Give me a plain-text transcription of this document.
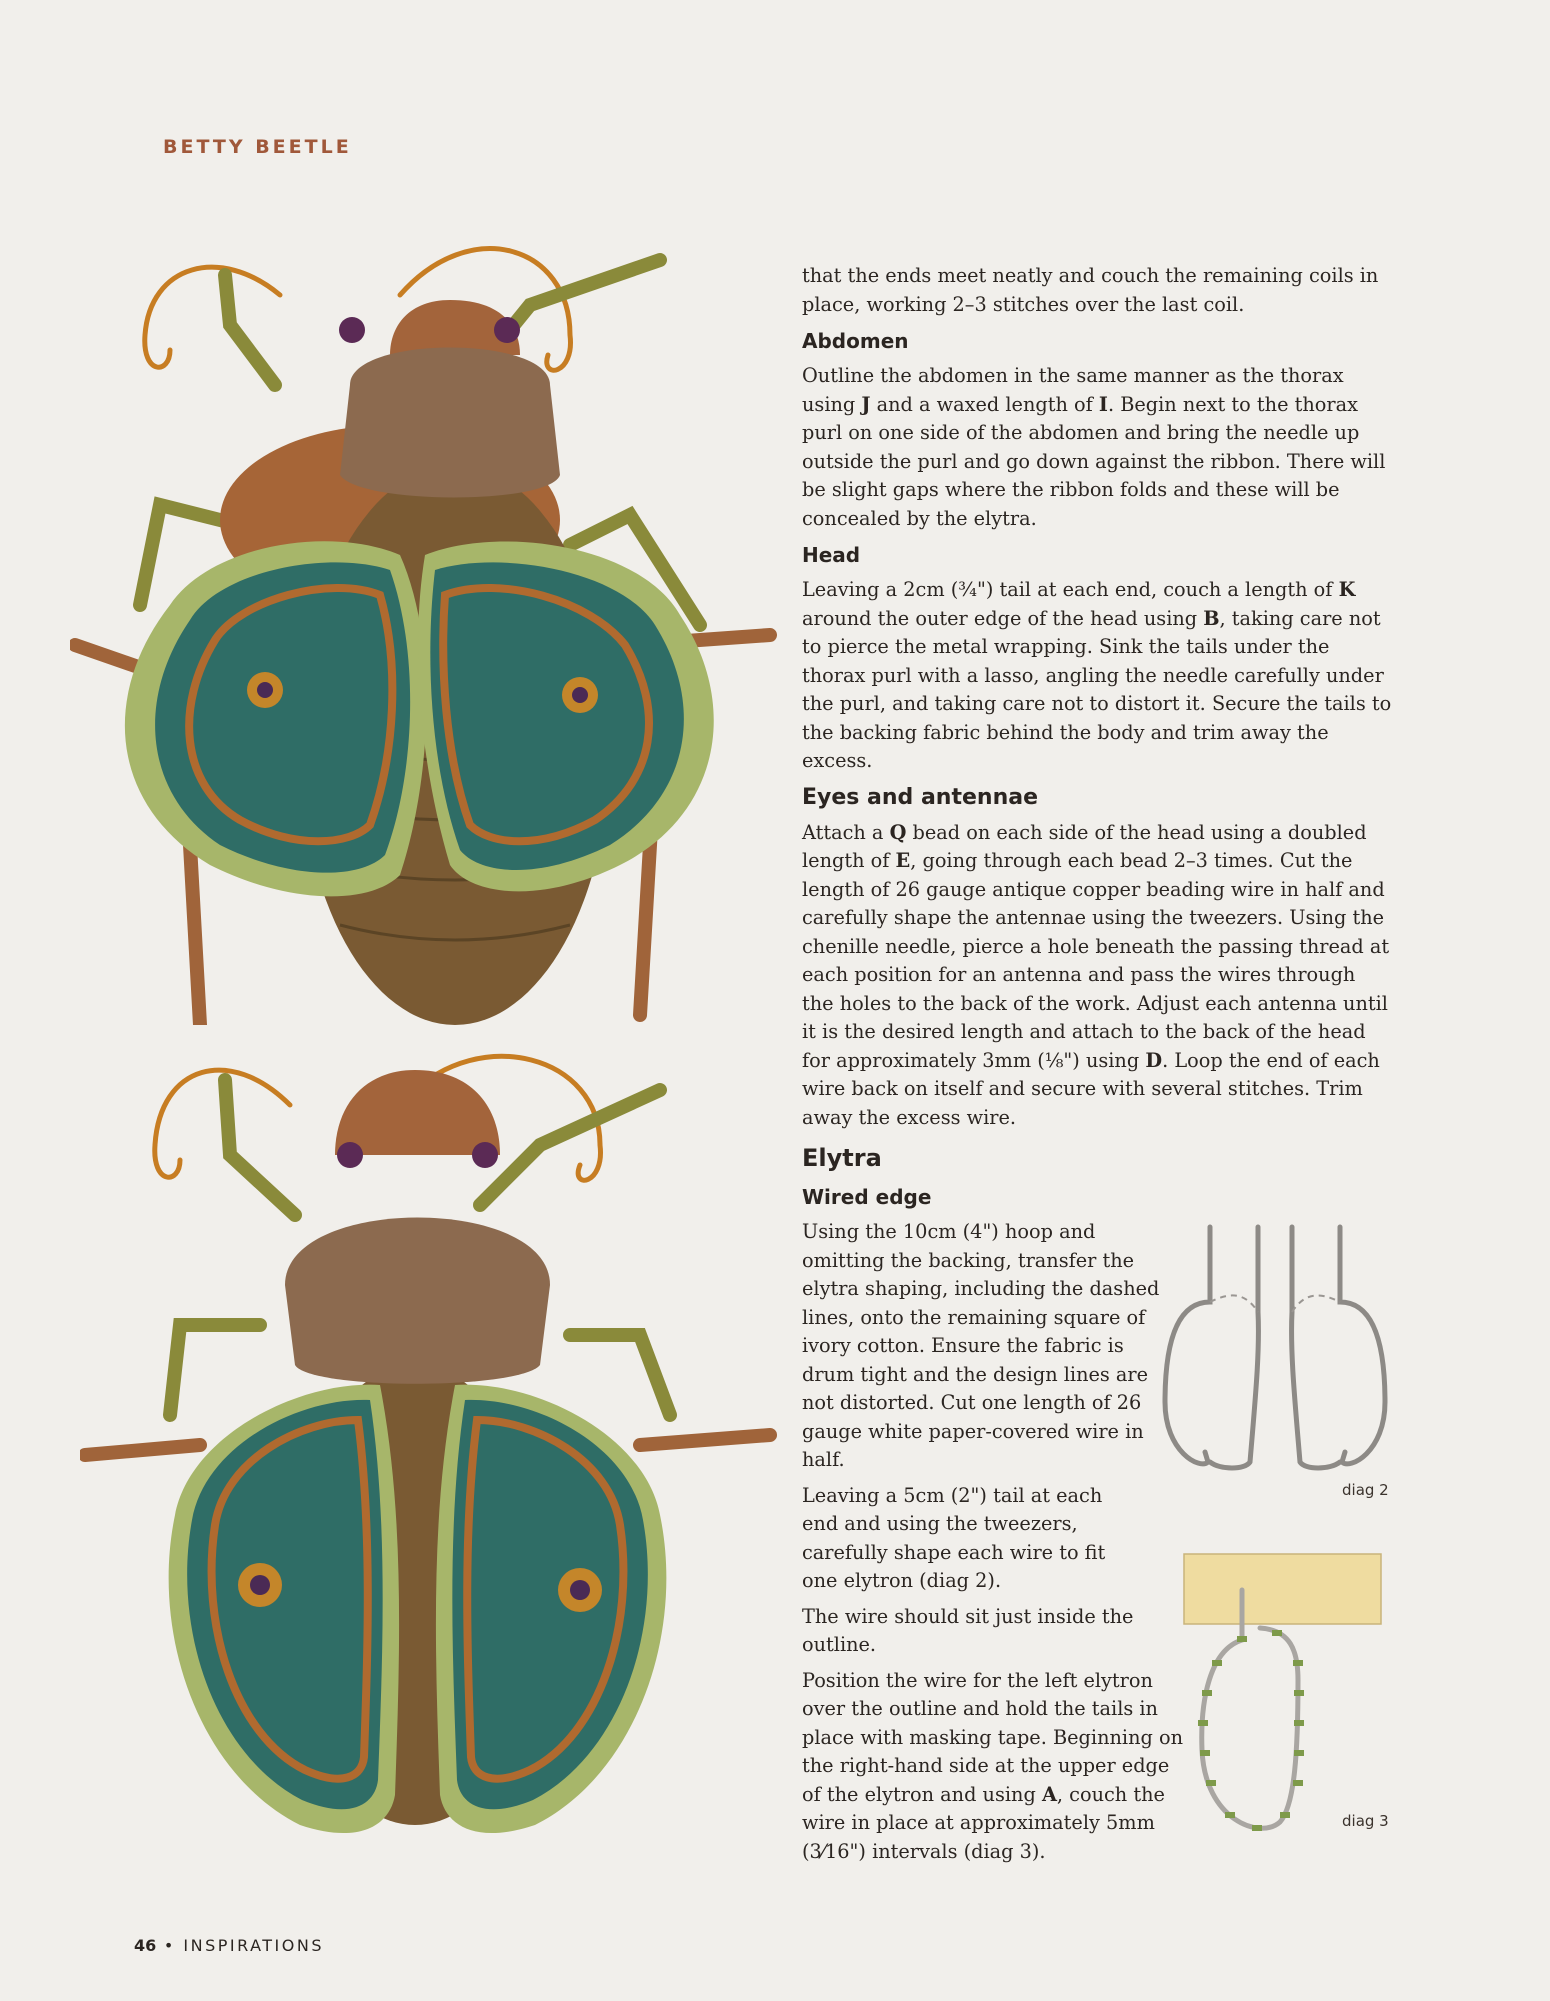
BETTY BEETLE

that the ends meet neatly and couch the remaining coils in place, working 2–3 stitches over the last coil.

Abdomen

Outline the abdomen in the same manner as the thorax using J and a waxed length of I. Begin next to the thorax purl on one side of the abdomen and bring the needle up outside the purl and go down against the ribbon. There will be slight gaps where the ribbon folds and these will be concealed by the elytra.

Head

Leaving a 2cm (¾") tail at each end, couch a length of K around the outer edge of the head using B, taking care not to pierce the metal wrapping. Sink the tails under the thorax purl with a lasso, angling the needle carefully under the purl, and taking care not to distort it. Secure the tails to the backing fabric behind the body and trim away the excess.

Eyes and antennae

Attach a Q bead on each side of the head using a doubled length of E, going through each bead 2–3 times. Cut the length of 26 gauge antique copper beading wire in half and carefully shape the antennae using the tweezers. Using the chenille needle, pierce a hole beneath the passing thread at each position for an antenna and pass the wires through the holes to the back of the work. Adjust each antenna until it is the desired length and attach to the back of the head for approximately 3mm (⅛") using D. Loop the end of each wire back on itself and secure with several stitches. Trim away the excess wire.

Elytra
Wired edge

Using the 10cm (4") hoop and omitting the backing, transfer the elytra shaping, including the dashed lines, onto the remaining square of ivory cotton. Ensure the fabric is drum tight and the design lines are not distorted. Cut one length of 26 gauge white paper-covered wire in half.

Leaving a 5cm (2") tail at each end and using the tweezers, carefully shape each wire to fit one elytron (diag 2).

The wire should sit just inside the outline.

Position the wire for the left elytron over the outline and hold the tails in place with masking tape. Beginning on the right-hand side at the upper edge of the elytron and using A, couch the wire in place at approximately 5mm (3⁄16") intervals (diag 3).

diag 2
diag 3
46 • INSPIRATIONS
